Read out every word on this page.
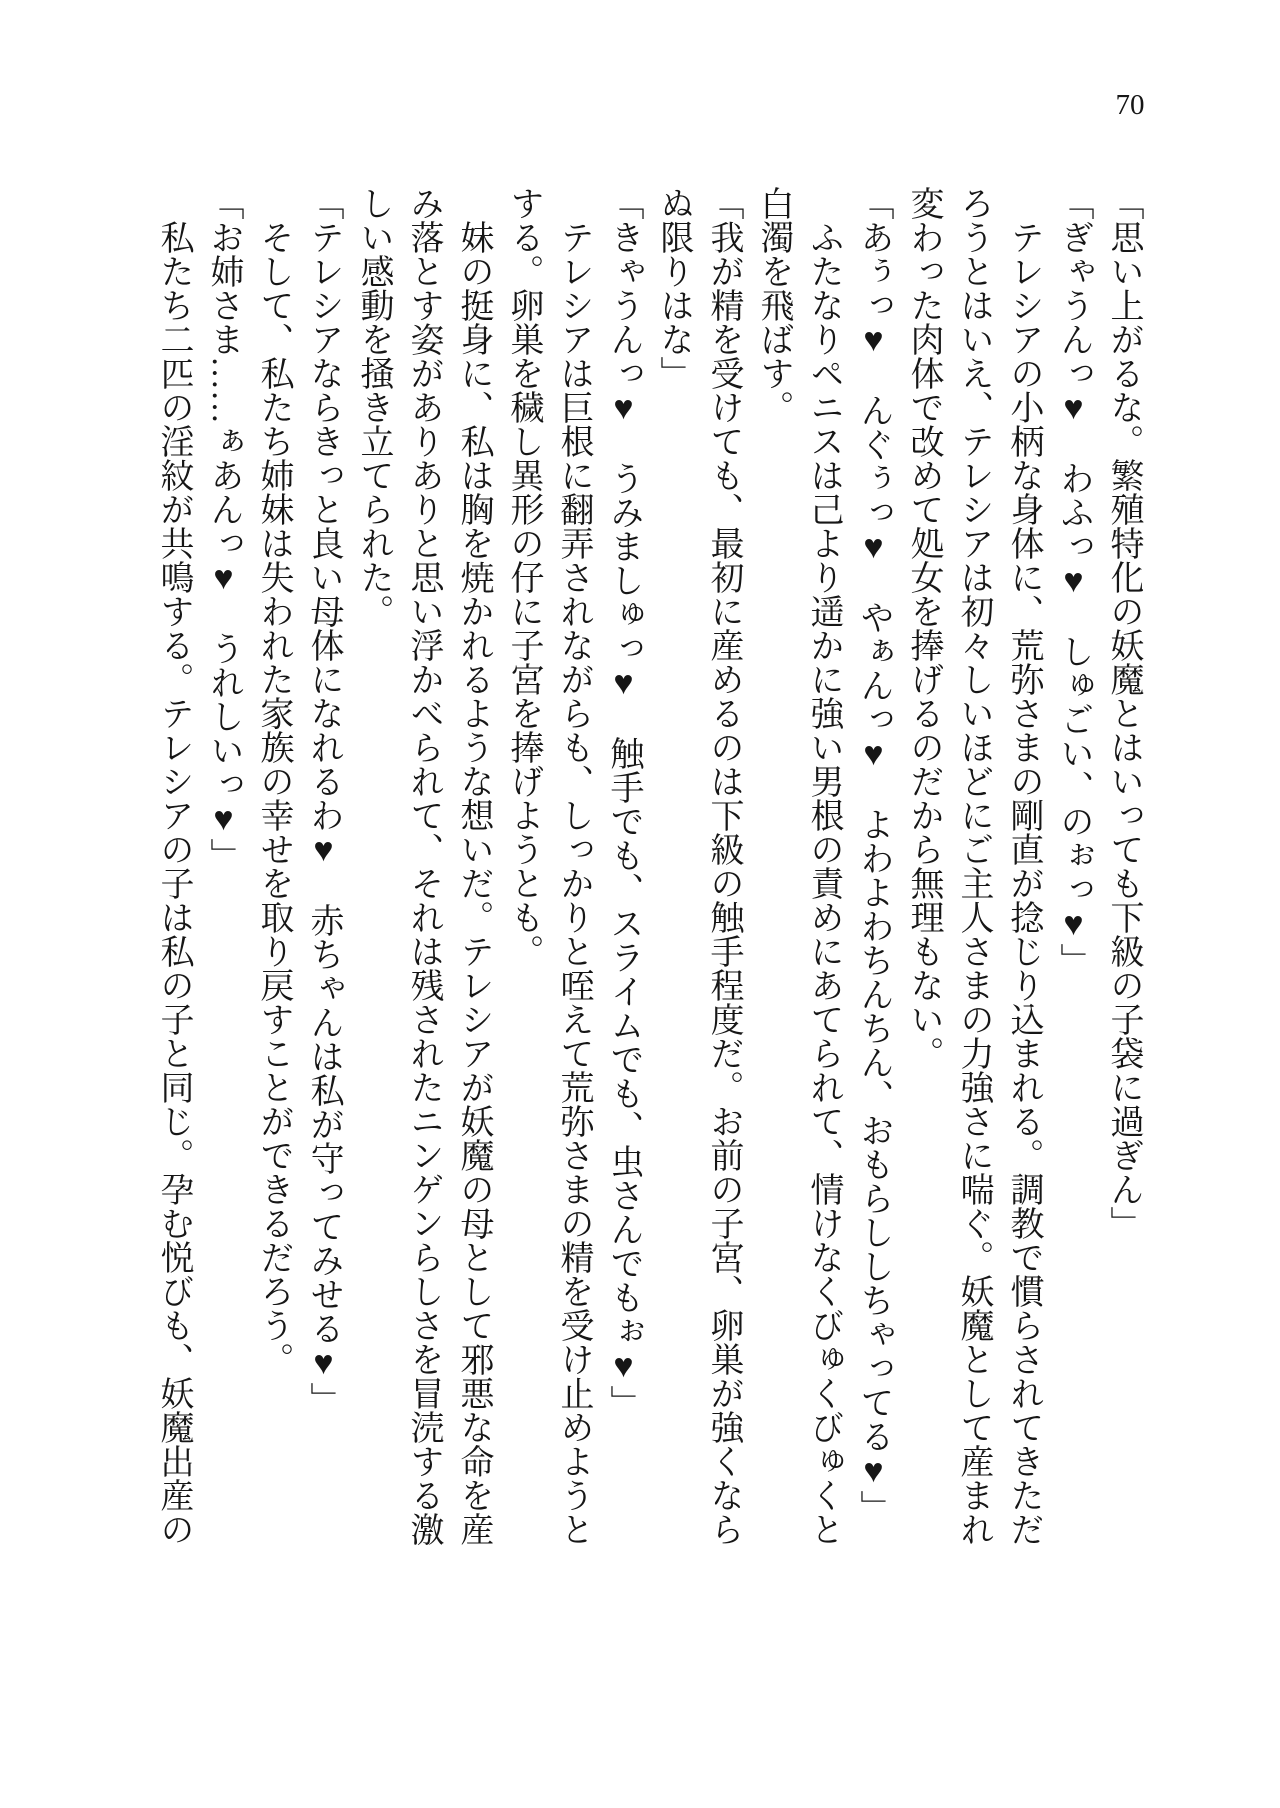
70

「思い上がるな。繁殖特化の妖魔とはいっても下級の子袋に過ぎん」

「ぎゃうんっ♥　わふっ♥　しゅごい、のぉっ♥」

　テレシアの小柄な身体に、荒弥さまの剛直が捻じり込まれる。調教で慣らされてきただろうとはいえ、テレシアは初々しいほどにご主人さまの力強さに喘ぐ。妖魔として産まれ変わった肉体で改めて処女を捧げるのだから無理もない。

「あぅっ♥　んぐぅっ♥　やぁんっ♥　よわよわちんちん、おもらししちゃってる♥」

　ふたなりペニスは己より遥かに強い男根の責めにあてられて、情けなくびゅくびゅくと白濁を飛ばす。

「我が精を受けても、最初に産めるのは下級の触手程度だ。お前の子宮、卵巣が強くならぬ限りはな」

「きゃうんっ♥　うみましゅっ♥　触手でも、スライムでも、虫さんでもぉ♥」

　テレシアは巨根に翻弄されながらも、しっかりと咥えて荒弥さまの精を受け止めようとする。卵巣を穢し異形の仔に子宮を捧げようとも。

　妹の挺身に、私は胸を焼かれるような想いだ。テレシアが妖魔の母として邪悪な命を産み落とす姿がありありと思い浮かべられて、それは残されたニンゲンらしさを冒涜する激しい感動を掻き立てられた。

「テレシアならきっと良い母体になれるわ♥　赤ちゃんは私が守ってみせる♥」

　そして、私たち姉妹は失われた家族の幸せを取り戻すことができるだろう。

「お姉さま……ぁあんっ♥　うれしいっ♥」

　私たち二匹の淫紋が共鳴する。テレシアの子は私の子と同じ。孕む悦びも、妖魔出産の
